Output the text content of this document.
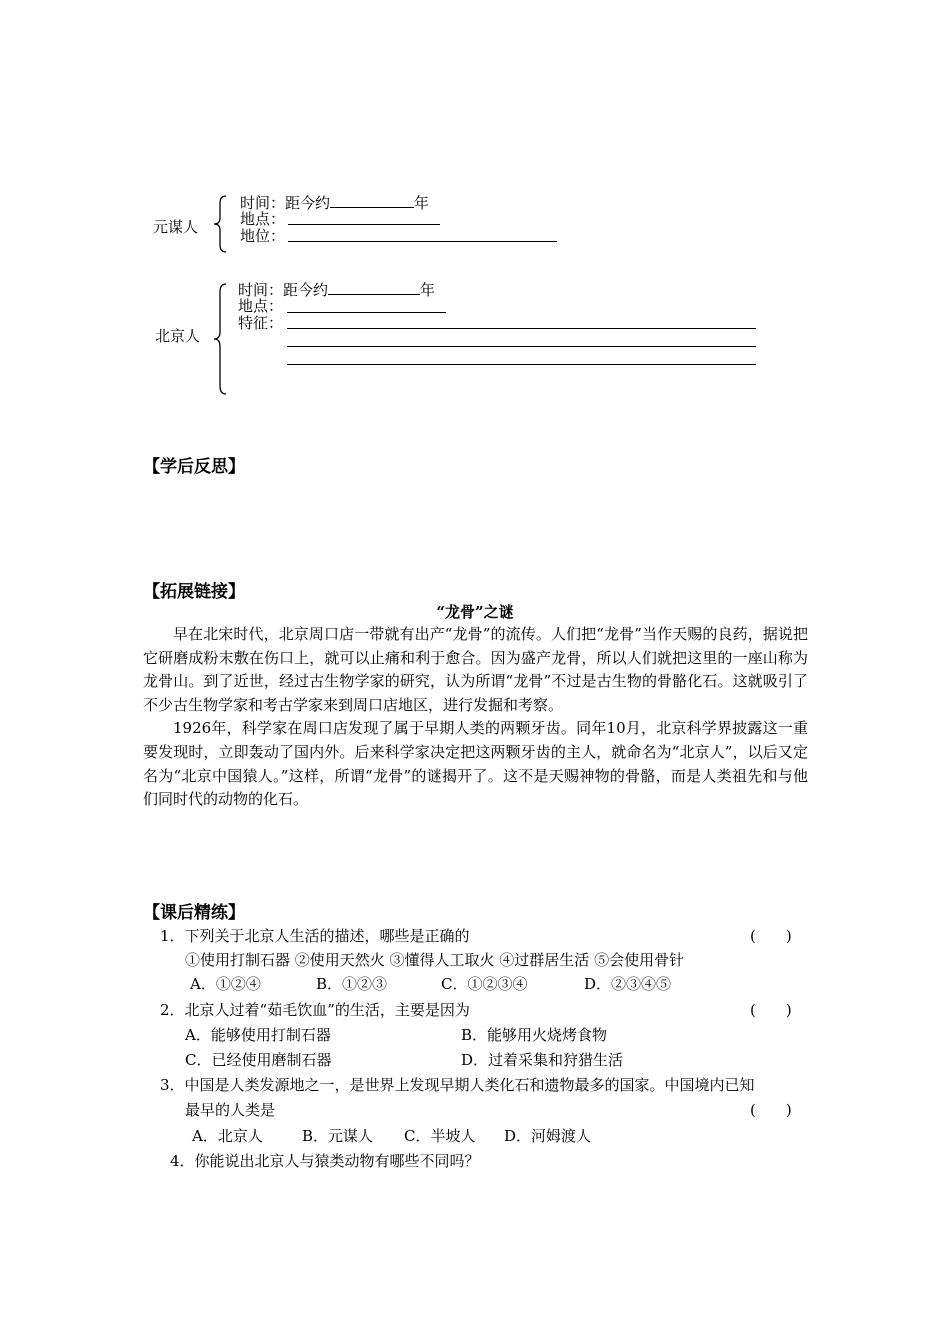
元谋人
时间：距今约	年
地点：
地位：
北京人
时间：距今约	年
地点：
特征：
【学后反思】
【拓展链接】
“龙骨”之谜

早在北宋时代，北京周口店一带就有出产“龙骨”的流传。人们把“龙骨”当作天赐的良药，据说把它研磨成粉末敷在伤口上，就可以止痛和利于愈合。因为盛产龙骨，所以人们就把这里的一座山称为龙骨山。到了近世，经过古生物学家的研究，认为所谓“龙骨”不过是古生物的骨骼化石。这就吸引了不少古生物学家和考古学家来到周口店地区，进行发掘和考察。

1926年，科学家在周口店发现了属于早期人类的两颗牙齿。同年10月，北京科学界披露这一重要发现时，立即轰动了国内外。后来科学家决定把这两颗牙齿的主人，就命名为“北京人”，以后又定名为“北京中国猿人。”这样，所谓“龙骨”的谜揭开了。这不是天赐神物的骨骼，而是人类祖先和与他们同时代的动物的化石。

【课后精练】
1．下列关于北京人生活的描述，哪些是正确的	(　　)
①使用打制石器 ②使用天然火 ③懂得人工取火 ④过群居生活 ⑤会使用骨针
A．①②④	B．①②③	C．①②③④	D．②③④⑤
2．北京人过着“茹毛饮血”的生活，主要是因为	(　　)
A．能够使用打制石器	B．能够用火烧烤食物
C．已经使用磨制石器	D．过着采集和狩猎生活
3．中国是人类发源地之一，是世界上发现早期人类化石和遗物最多的国家。中国境内已知
最早的人类是	(　　)
A．北京人	B．元谋人 C．半坡人 D．河姆渡人
4．你能说出北京人与猿类动物有哪些不同吗？
